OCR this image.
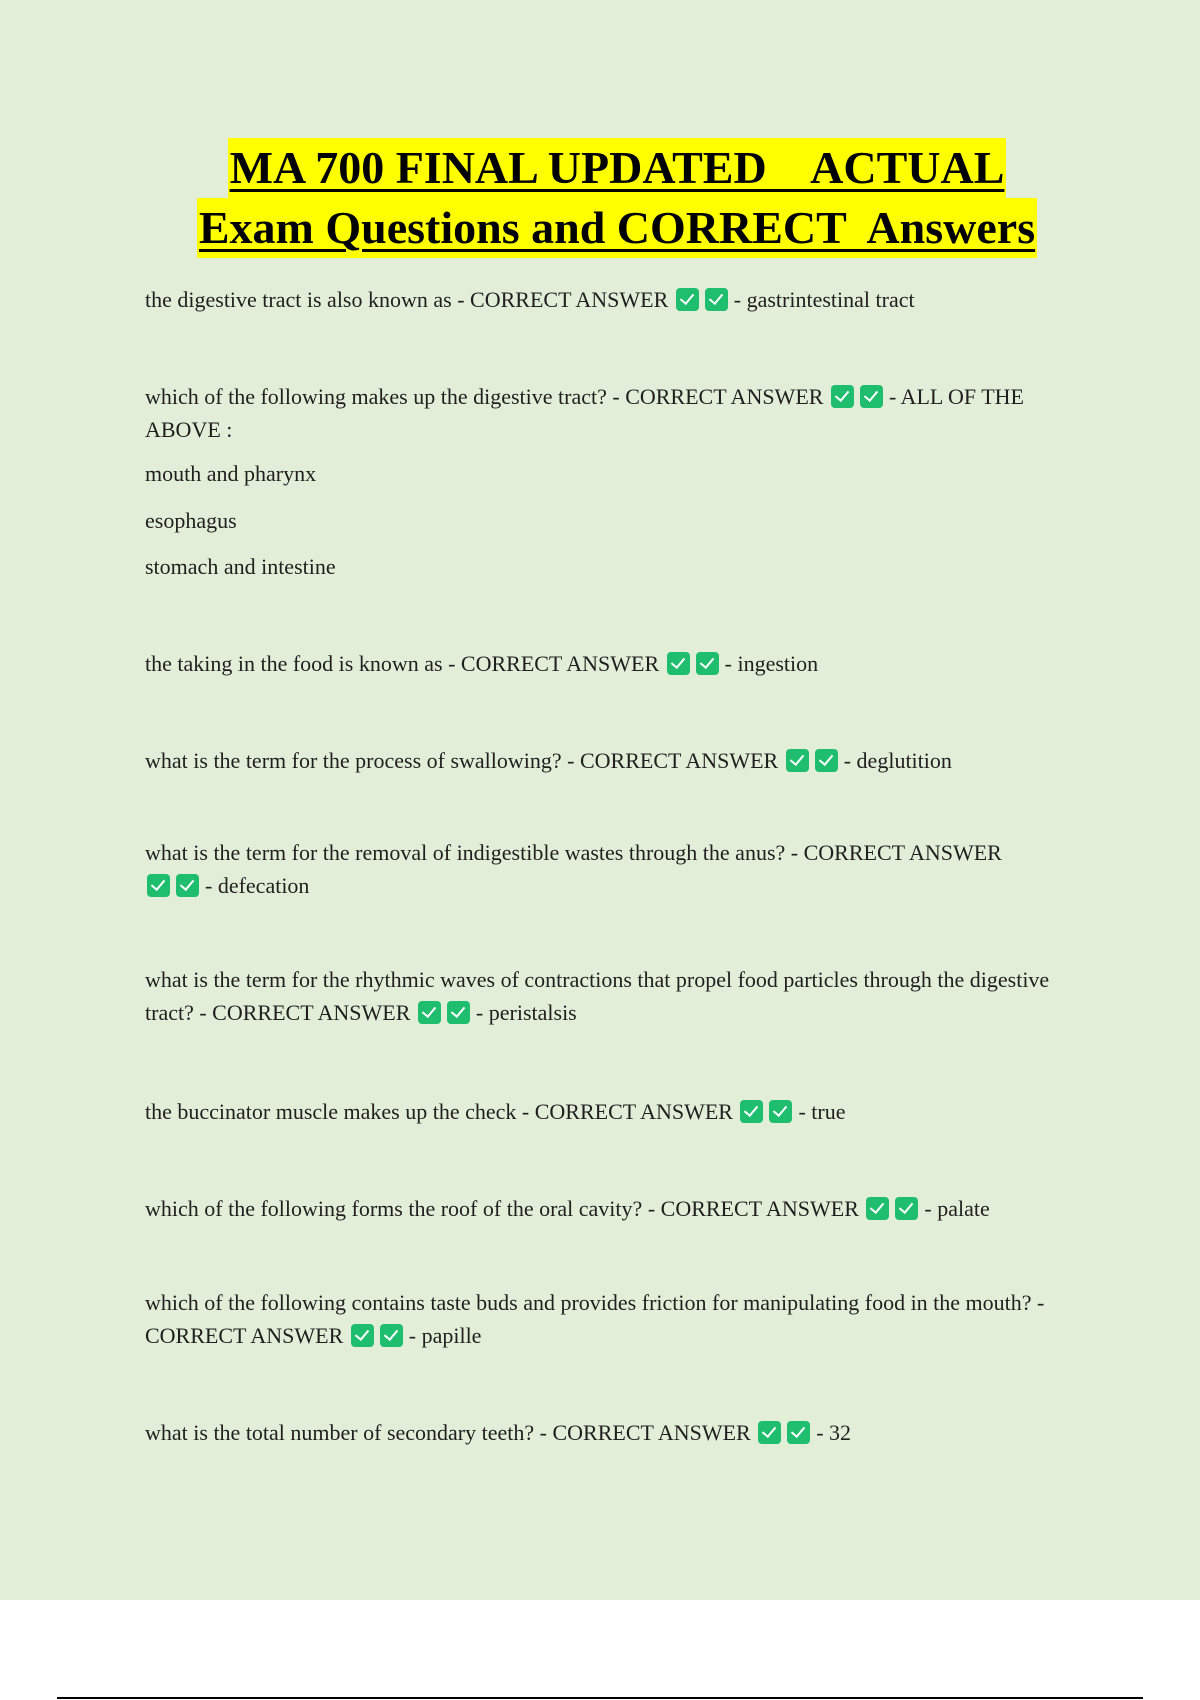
MA 700 FINAL UPDATED    ACTUAL
Exam Questions and CORRECT  Answers
the digestive tract is also known as - CORRECT ANSWER	- gastrintestinal tract
which of the following makes up the digestive tract? - CORRECT ANSWER	- ALL OF THE ABOVE :
mouth and pharynx
esophagus
stomach and intestine
the taking in the food is known as - CORRECT ANSWER	- ingestion
what is the term for the process of swallowing? - CORRECT ANSWER	- deglutition
what is the term for the removal of indigestible wastes through the anus? - CORRECT ANSWER - defecation
what is the term for the rhythmic waves of contractions that propel food particles through the digestive tract? - CORRECT ANSWER	- peristalsis
the buccinator muscle makes up the check - CORRECT ANSWER	- true
which of the following forms the roof of the oral cavity? - CORRECT ANSWER	- palate
which of the following contains taste buds and provides friction for manipulating food in the mouth? - CORRECT ANSWER	- papille
what is the total number of secondary teeth? - CORRECT ANSWER	- 32
